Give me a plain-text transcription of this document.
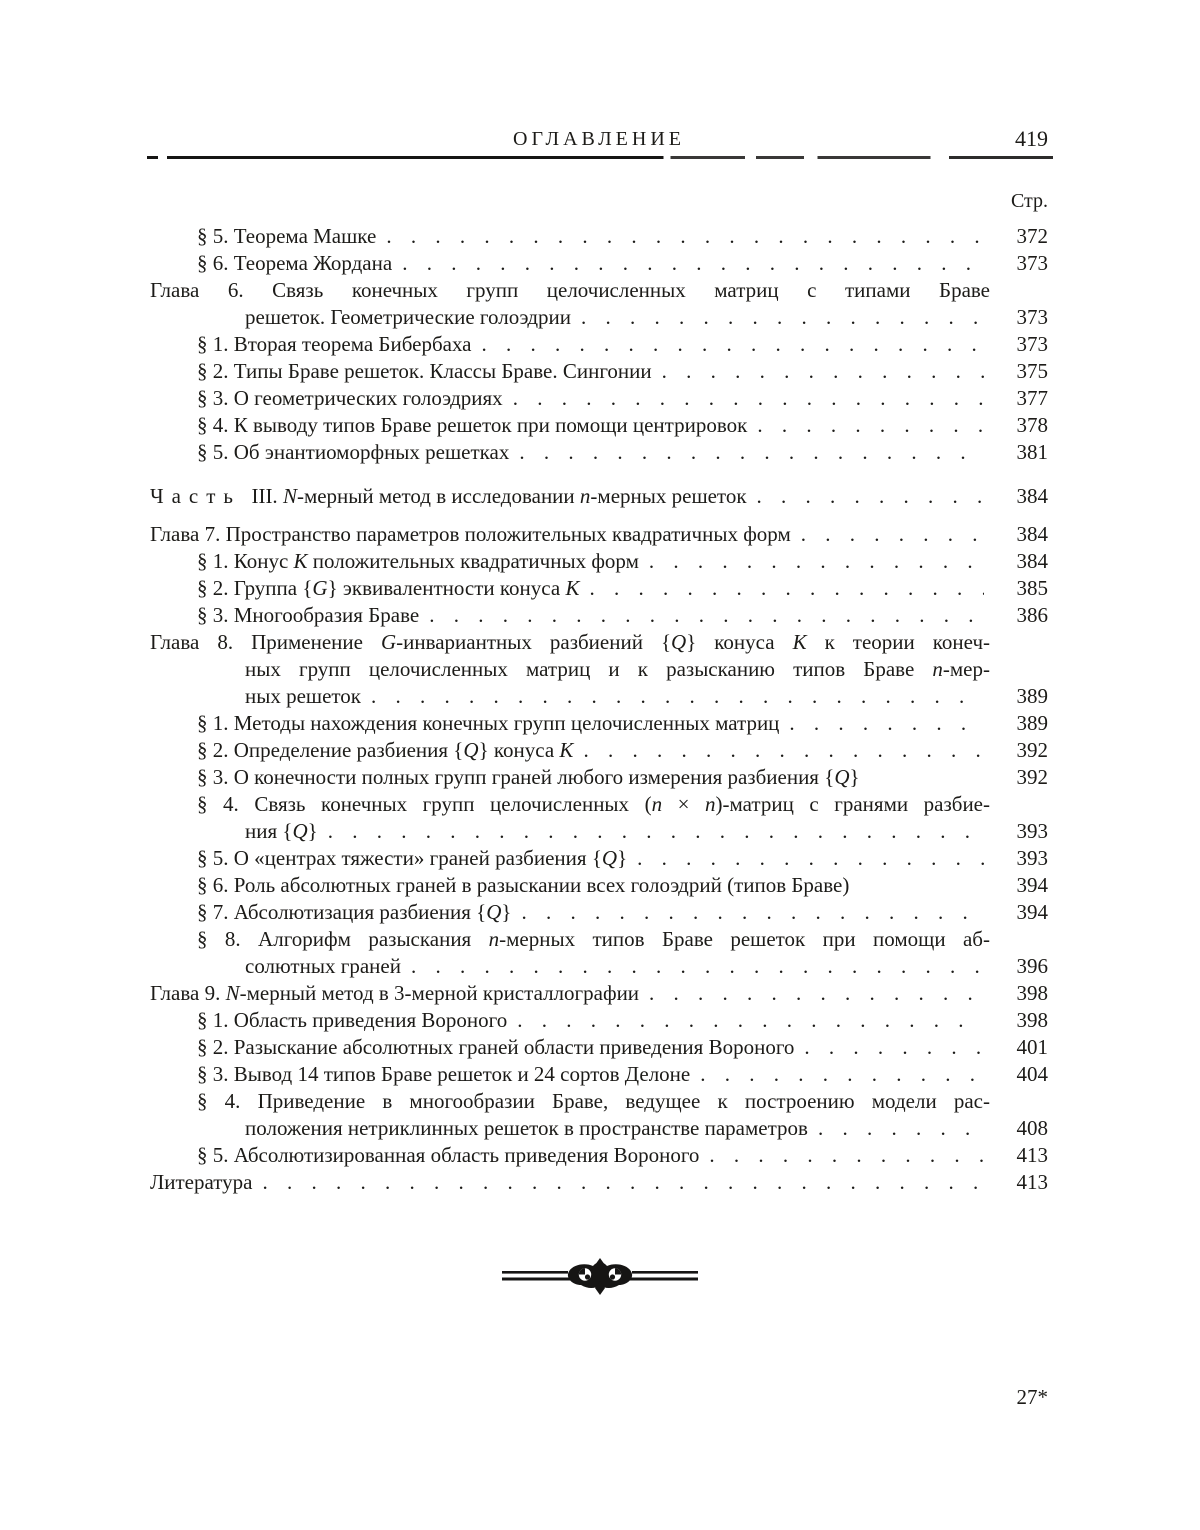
ОГЛАВЛЕНИЕ	419
Стр.
§ 5. Теорема Машке . . .	372
§ 6. Теорема Жордана . . .	373
Глава 6. Связь конечных групп целочисленных матриц с типами Браве
решеток. Геометрические голоэдрии . . .	373
§ 1. Вторая теорема Бибербаха . . .	373
§ 2. Типы Браве решеток. Классы Браве. Сингонии . . .	375
§ 3. О геометрических голоэдриях . . .	377
§ 4. К выводу типов Браве решеток при помощи центрировок . . .	378
§ 5. Об энантиоморфных решетках . . .	381
Часть III. N-мерный метод в исследовании n-мерных решеток . . .	384
Глава 7. Пространство параметров положительных квадратичных форм . . .	384
§ 1. Конус K положительных квадратичных форм . . .	384
§ 2. Группа {G} эквивалентности конуса K . . .	385
§ 3. Многообразия Браве . . .	386
Глава 8. Применение G-инвариантных разбиений {Q} конуса K к теории конеч-
ных групп целочисленных матриц и к разысканию типов Браве n-мер-
ных решеток . . .	389
§ 1. Методы нахождения конечных групп целочисленных матриц . . .	389
§ 2. Определение разбиения {Q} конуса K . . .	392
§ 3. О конечности полных групп граней любого измерения разбиения {Q}	392
§ 4. Связь конечных групп целочисленных (n × n)-матриц с гранями разбие-
ния {Q} . . .	393
§ 5. О «центрах тяжести» граней разбиения {Q} . . .	393
§ 6. Роль абсолютных граней в разыскании всех голоэдрий (типов Браве)	394
§ 7. Абсолютизация разбиения {Q} . . .	394
§ 8. Алгорифм разыскания n-мерных типов Браве решеток при помощи аб-
солютных граней . . .	396
Глава 9. N-мерный метод в 3-мерной кристаллографии . . .	398
§ 1. Область приведения Вороного . . .	398
§ 2. Разыскание абсолютных граней области приведения Вороного . . .	401
§ 3. Вывод 14 типов Браве решеток и 24 сортов Делоне . . .	404
§ 4. Приведение в многообразии Браве, ведущее к построению модели рас-
положения нетриклинных решеток в пространстве параметров . . .	408
§ 5. Абсолютизированная область приведения Вороного . . .	413
Литература . . .	413
27*
